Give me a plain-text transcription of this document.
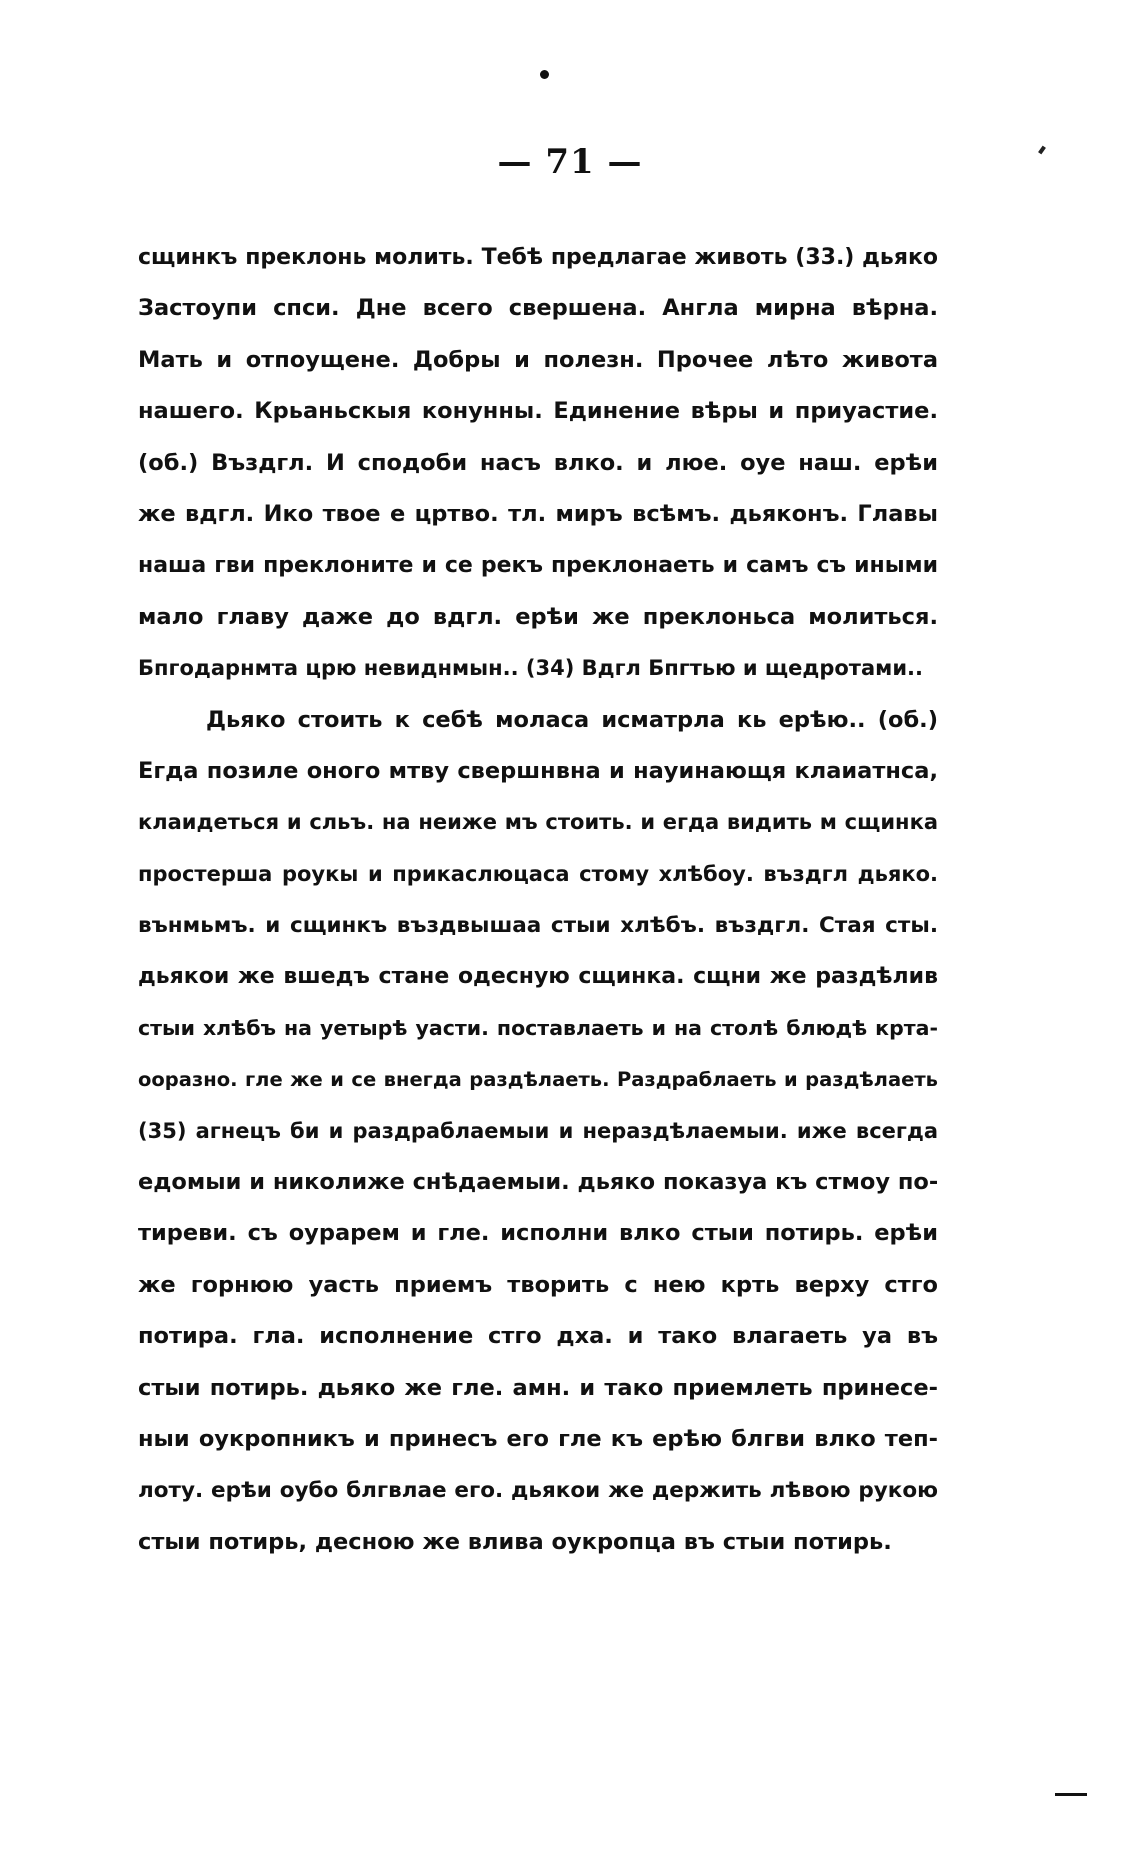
— 71 —
сщинкъ преклонь молить. Тебѣ предлагае животь (33.) дьяко
Застоупи спси. Дне всего свершена. Англа мирна вѣрна.
Мать и отпоущене. Добры и полезн. Прочее лѣто живота
нашего. Крьаньскыя конунны. Единение вѣры и приуастие.
(об.) Въздгл. И сподоби насъ влко. и люе. оуе наш. ерѣи
же вдгл. Ико твое е цртво. тл. миръ всѣмъ. дьяконъ. Главы
наша гви преклоните и се рекъ преклонаеть и самъ съ иными
мало главу даже до вдгл. ерѣи же преклоньса молиться.
Бпгодарнмта црю невиднмын.. (34) Вдгл Бпгтью и щедротами..
Дьяко стоить к себѣ моласа исматрла кь ерѣю.. (об.)
Егда позиле оного мтву свершнвна и науинающя клаиатнса,
клаидеться и сльъ. на неиже мъ стоить. и егда видить м сщинка
простерша роукы и прикаслюцаса стому хлѣбоу. въздгл дьяко.
вънмьмъ. и сщинкъ въздвышаа стыи хлѣбъ. въздгл. Стая сты.
дьякои же вшедъ стане одесную сщинка. сщни же раздѣлив
стыи хлѣбъ на уетырѣ уасти. поставлаеть и на столѣ блюдѣ крта-
ооразно. гле же и се внегда раздѣлаеть. Раздраблаеть и раздѣлаеть
(35) агнецъ би и раздраблаемыи и нераздѣлаемыи. иже всегда
едомыи и николиже снѣдаемыи. дьяко показуа къ стмоу по-
тиреви. съ оурарем и гле. исполни влко стыи потирь. ерѣи
же горнюю уасть приемъ творить с нею крть верху стго
потира. гла. исполнение стго дха. и тако влагаеть уа въ
стыи потирь. дьяко же гле. амн. и тако приемлеть принесе-
ныи оукропникъ и принесъ его гле къ ерѣю блгви влко теп-
лоту. ерѣи оубо блгвлае его. дьякои же держить лѣвою рукою
стыи потирь, десною же влива оукропца въ стыи потирь.
